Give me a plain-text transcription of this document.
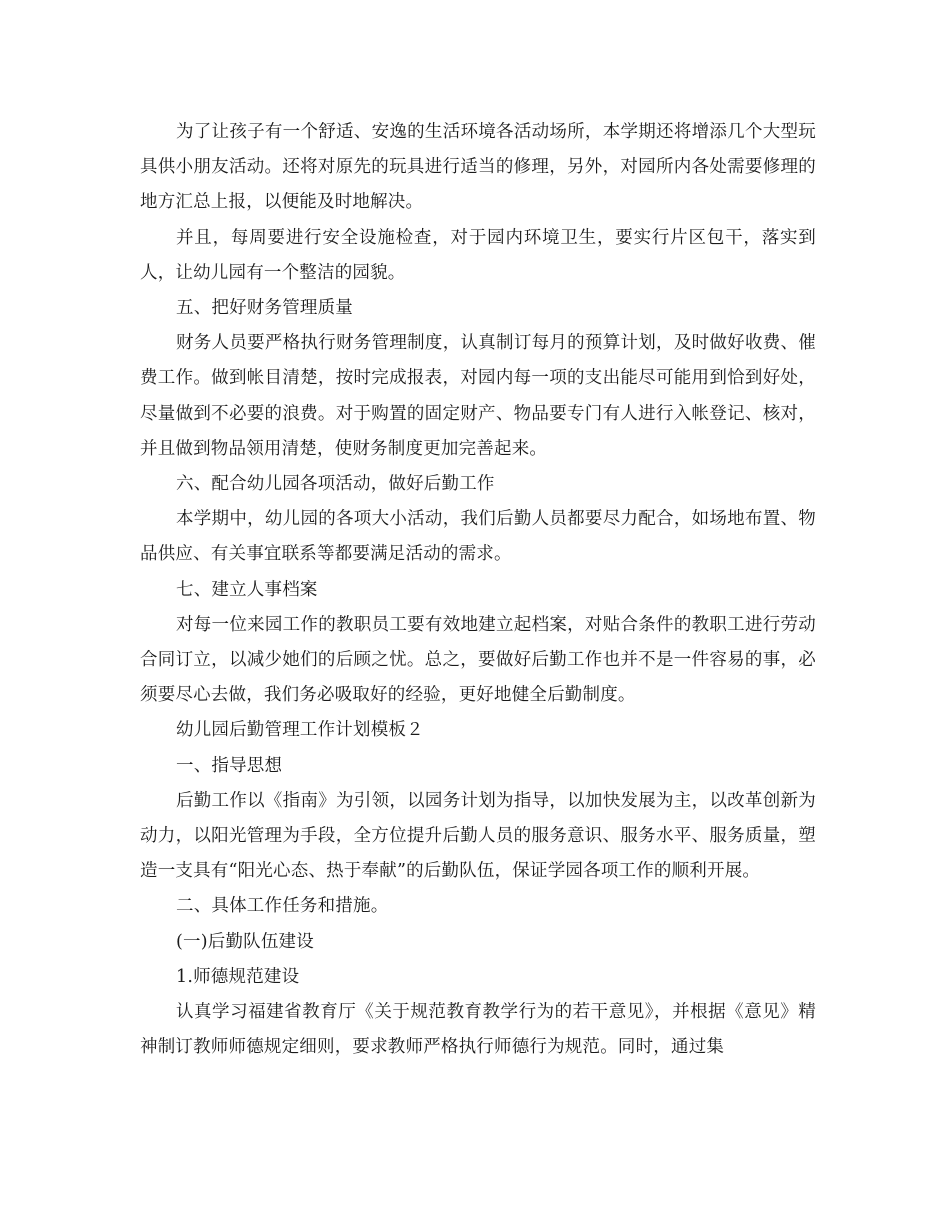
为了让孩子有一个舒适、安逸的生活环境各活动场所，本学期还将增添几个大型玩具供小朋友活动。还将对原先的玩具进行适当的修理，另外，对园所内各处需要修理的地方汇总上报，以便能及时地解决。

并且，每周要进行安全设施检查，对于园内环境卫生，要实行片区包干，落实到人，让幼儿园有一个整洁的园貌。

五、把好财务管理质量

财务人员要严格执行财务管理制度，认真制订每月的预算计划，及时做好收费、催费工作。做到帐目清楚，按时完成报表，对园内每一项的支出能尽可能用到恰到好处，尽量做到不必要的浪费。对于购置的固定财产、物品要专门有人进行入帐登记、核对，并且做到物品领用清楚，使财务制度更加完善起来。

六、配合幼儿园各项活动，做好后勤工作

本学期中，幼儿园的各项大小活动，我们后勤人员都要尽力配合，如场地布置、物品供应、有关事宜联系等都要满足活动的需求。

七、建立人事档案

对每一位来园工作的教职员工要有效地建立起档案，对贴合条件的教职工进行劳动合同订立，以减少她们的后顾之忧。总之，要做好后勤工作也并不是一件容易的事，必须要尽心去做，我们务必吸取好的经验，更好地健全后勤制度。

幼儿园后勤管理工作计划模板２

一、指导思想

后勤工作以《指南》为引领，以园务计划为指导，以加快发展为主，以改革创新为动力，以阳光管理为手段，全方位提升后勤人员的服务意识、服务水平、服务质量，塑造一支具有“阳光心态、热于奉献”的后勤队伍，保证学园各项工作的顺利开展。

二、具体工作任务和措施。

(一)后勤队伍建设

1.师德规范建设

认真学习福建省教育厅《关于规范教育教学行为的若干意见》，并根据《意见》精神制订教师师德规定细则，要求教师严格执行师德行为规范。同时，通过集
